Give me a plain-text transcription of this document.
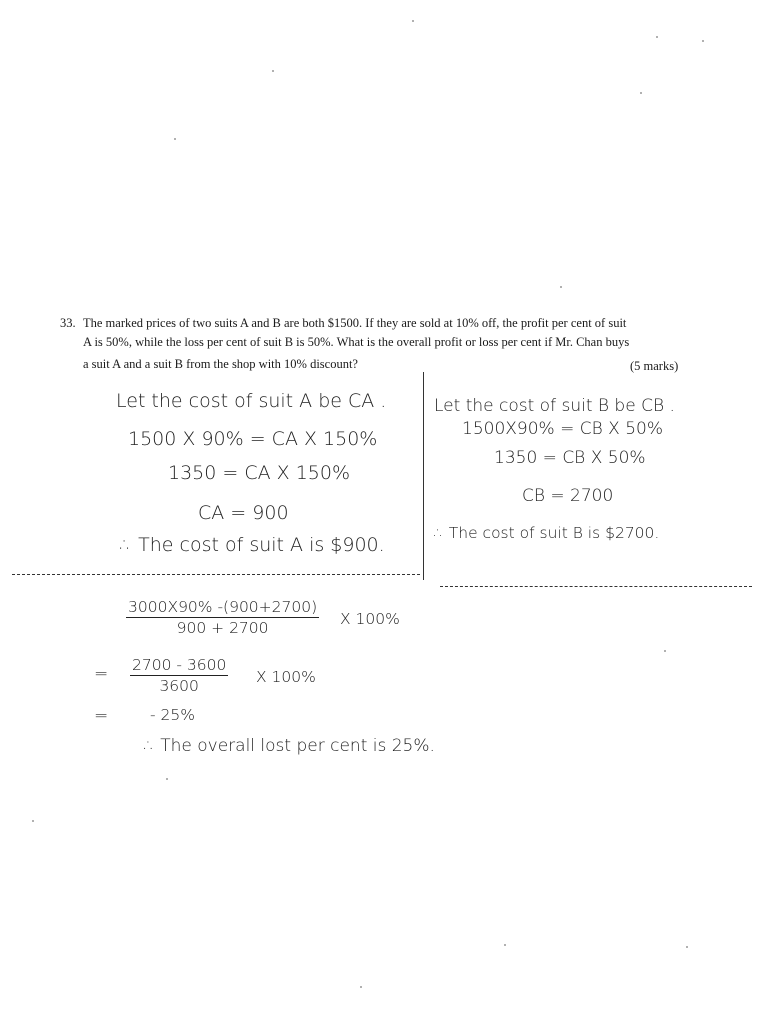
33. The marked prices of two suits A and B are both $1500. If they are sold at 10% off, the profit per cent of suit
A is 50%, while the loss per cent of suit B is 50%. What is the overall profit or loss per cent if Mr. Chan buys
a suit A and a suit B from the shop with 10% discount?	(5 marks)
Let the cost of suit A be CA .
1500 X 90% = CA X 150%
1350 = CA X 150%
CA = 900
∴ The cost of suit A is $900.
Let the cost of suit B be CB .
1500X90% = CB X 50%
1350 = CB X 50%
CB = 2700
∴ The cost of suit B is $2700.
$\frac{3000X90\% -(900+2700)}{900 + 2700}$ X 100%
= $\frac{2700 - 3600}{3600}$ X 100%
=	- 25%
∴ The overall lost per cent is 25%.
